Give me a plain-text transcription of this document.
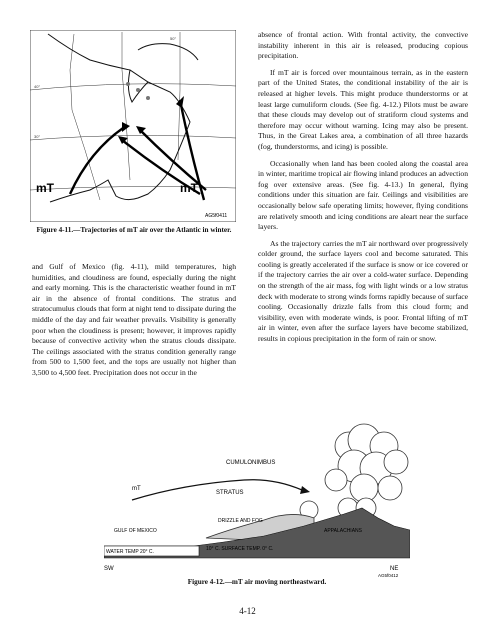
40°
30°
50°
mT	mT
AG5f0411
Figure 4-11.—Trajectories of mT air over the Atlantic in winter.

and Gulf of Mexico (fig. 4-11), mild temperatures, high humidities, and cloudiness are found, especially during the night and early morning. This is the characteristic weather found in mT air in the absence of frontal conditions. The stratus and stratocumulus clouds that form at night tend to dissipate during the middle of the day and fair weather prevails. Visibility is generally poor when the cloudiness is present; however, it improves rapidly because of convective activity when the stratus clouds dissipate. The ceilings associated with the stratus condition generally range from 500 to 1,500 feet, and the tops are usually not higher than 3,500 to 4,500 feet. Precipitation does not occur in the

absence of frontal action. With frontal activity, the convective instability inherent in this air is released, producing copious precipitation.

If mT air is forced over mountainous terrain, as in the eastern part of the United States, the conditional instability of the air is released at higher levels. This might produce thunderstorms or at least large cumuliform clouds. (See fig. 4-12.) Pilots must be aware that these clouds may develop out of stratiform cloud systems and therefore may occur without warning. Icing may also be present. Thus, in the Great Lakes area, a combination of all three hazards (fog, thunderstorms, and icing) is possible.

Occasionally when land has been cooled along the coastal area in winter, maritime tropical air flowing inland produces an advection fog over extensive areas. (See fig. 4-13.) In general, flying conditions under this situation are fair. Ceilings and visibilities are occasionally below safe operating limits; however, flying conditions are relatively smooth and icing conditions are aleart near the surface layers.

As the trajectory carries the mT air northward over progressively colder ground, the surface layers cool and become saturated. This cooling is greatly accelerated if the surface is snow or ice covered or if the trajectory carries the air over a cold-water surface. Depending on the strength of the air mass, fog with light winds or a low stratus deck with moderate to strong winds forms rapidly because of surface cooling. Occasionally drizzle falls from this cloud form; and visibility, even with moderate winds, is poor. Frontal lifting of mT air in winter, even after the surface layers have become stabilized, results in copious precipitation in the form of rain or snow.

CUMULONIMBUS
mT
STRATUS
DRIZZLE AND FOG
GULF OF MEXICO
WATER TEMP 20° C.	10° C. SURFACE TEMP. 0° C.
APPALACHIANS
SW	NE
AG5f0412
Figure 4-12.—mT air moving northeastward.
4-12
